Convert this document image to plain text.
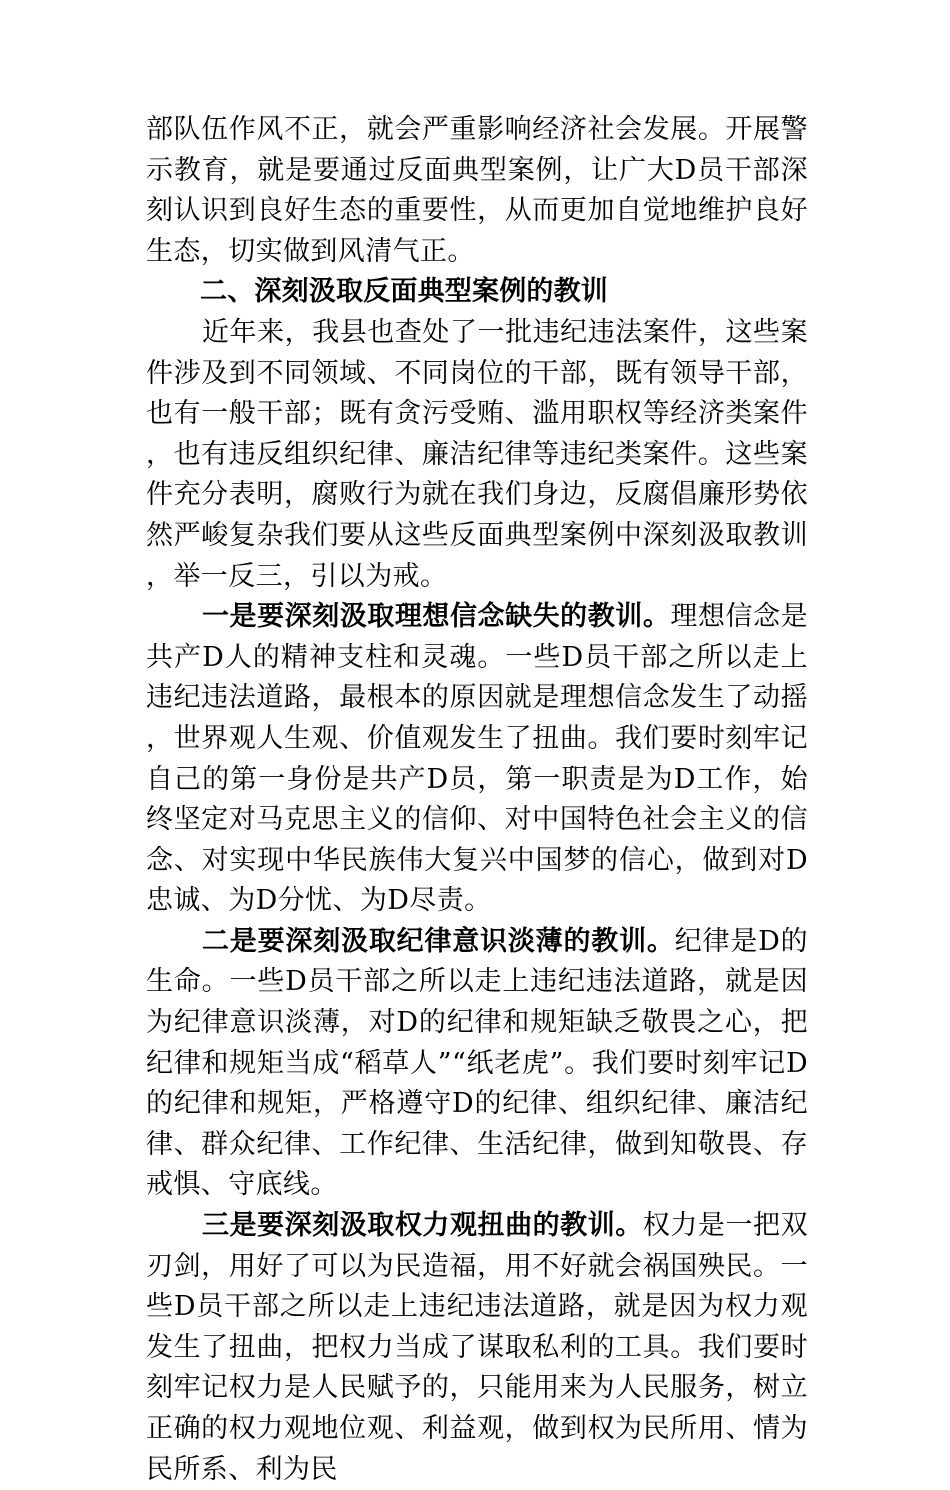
部队伍作风不正，就会严重影响经济社会发展。开展警示教育，就是要通过反面典型案例，让广大D员干部深刻认识到良好生态的重要性，从而更加自觉地维护良好生态，切实做到风清气正。

二、深刻汲取反面典型案例的教训

近年来，我县也查处了一批违纪违法案件，这些案件涉及到不同领域、不同岗位的干部，既有领导干部，也有一般干部；既有贪污受贿、滥用职权等经济类案件，也有违反组织纪律、廉洁纪律等违纪类案件。这些案件充分表明，腐败行为就在我们身边，反腐倡廉形势依然严峻复杂我们要从这些反面典型案例中深刻汲取教训，举一反三，引以为戒。

一是要深刻汲取理想信念缺失的教训。理想信念是共产D人的精神支柱和灵魂。一些D员干部之所以走上违纪违法道路，最根本的原因就是理想信念发生了动摇，世界观人生观、价值观发生了扭曲。我们要时刻牢记自己的第一身份是共产D员，第一职责是为D工作，始终坚定对马克思主义的信仰、对中国特色社会主义的信念、对实现中华民族伟大复兴中国梦的信心，做到对D忠诚、为D分忧、为D尽责。

二是要深刻汲取纪律意识淡薄的教训。纪律是D的生命。一些D员干部之所以走上违纪违法道路，就是因为纪律意识淡薄，对D的纪律和规矩缺乏敬畏之心，把纪律和规矩当成“稻草人”“纸老虎”。我们要时刻牢记D的纪律和规矩，严格遵守D的纪律、组织纪律、廉洁纪律、群众纪律、工作纪律、生活纪律，做到知敬畏、存戒惧、守底线。

三是要深刻汲取权力观扭曲的教训。权力是一把双刃剑，用好了可以为民造福，用不好就会祸国殃民。一些D员干部之所以走上违纪违法道路，就是因为权力观发生了扭曲，把权力当成了谋取私利的工具。我们要时刻牢记权力是人民赋予的，只能用来为人民服务，树立正确的权力观地位观、利益观，做到权为民所用、情为民所系、利为民
